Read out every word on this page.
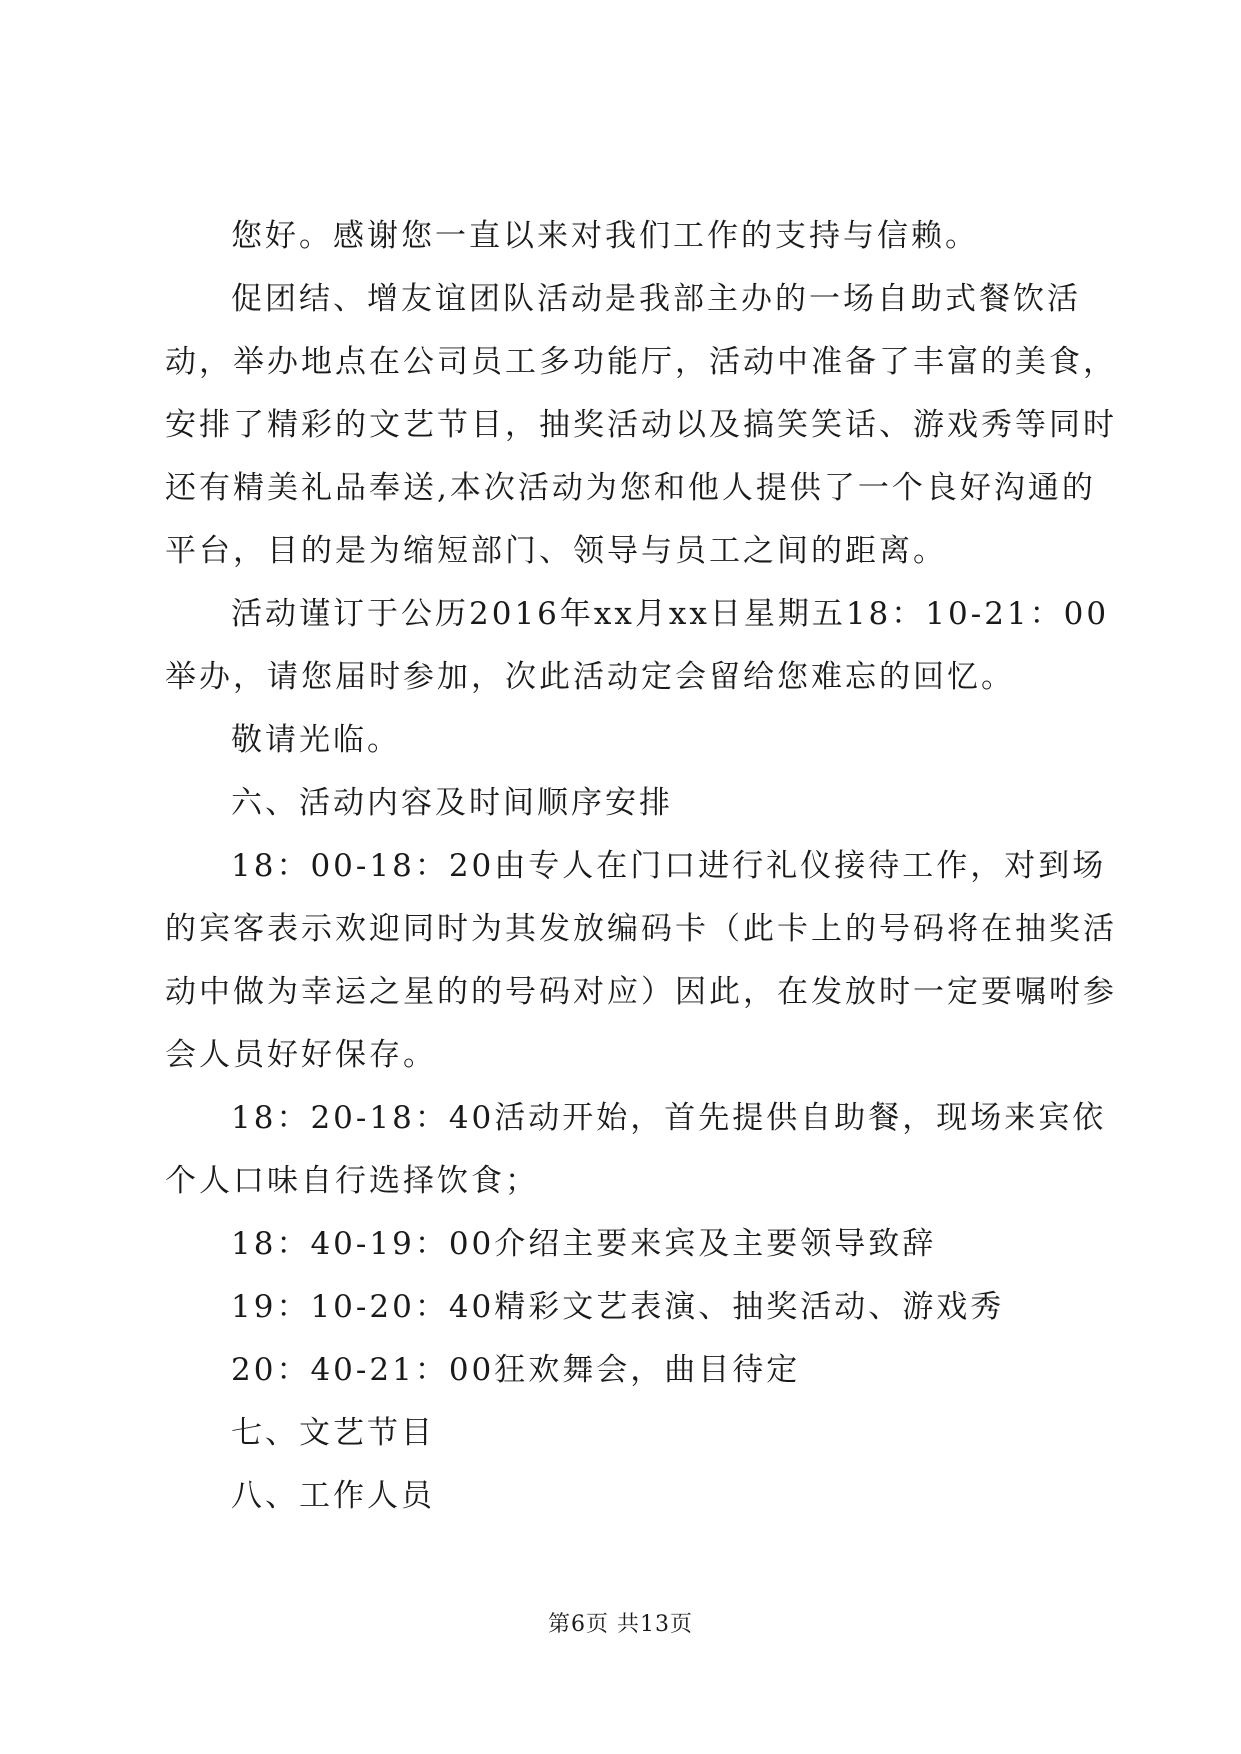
您好。感谢您一直以来对我们工作的支持与信赖。

促团结、增友谊团队活动是我部主办的一场自助式餐饮活动，举办地点在公司员工多功能厅，活动中准备了丰富的美食，安排了精彩的文艺节目，抽奖活动以及搞笑笑话、游戏秀等同时还有精美礼品奉送,本次活动为您和他人提供了一个良好沟通的平台，目的是为缩短部门、领导与员工之间的距离。

活动谨订于公历2016年xx月xx日星期五18：10-21：00举办，请您届时参加，次此活动定会留给您难忘的回忆。

敬请光临。

六、活动内容及时间顺序安排

18：00-18：20由专人在门口进行礼仪接待工作，对到场的宾客表示欢迎同时为其发放编码卡（此卡上的号码将在抽奖活动中做为幸运之星的的号码对应）因此，在发放时一定要嘱咐参会人员好好保存。

18：20-18：40活动开始，首先提供自助餐，现场来宾依个人口味自行选择饮食；

18：40-19：00介绍主要来宾及主要领导致辞

19：10-20：40精彩文艺表演、抽奖活动、游戏秀

20：40-21：00狂欢舞会，曲目待定

七、文艺节目

八、工作人员

第6页 共13页
